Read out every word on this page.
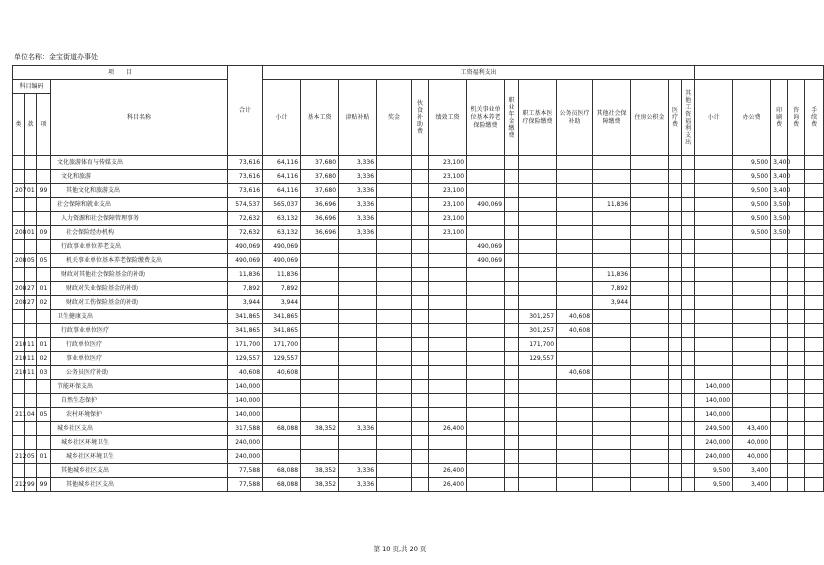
单位名称：金宝街道办事处
项　　目				合计	工资福利支出																		
科目编码			科目名称		小计	基本工资	津贴补贴	奖金	伙食补助费	绩效工资	机关事业单位基本养老保险缴费	职业年金缴费	职工基本医疗保险缴费	公务员医疗补助	其他社会保障缴费	住房公积金	医疗费	其他工资福利支出	小计	办公费	印刷费	咨询费	手续费

类	款	项																					
			文化旅游体育与传媒支出	73,616	64,116	37,680	3,336			23,100										9,500	3,400		
			文化和旅游	73,616	64,116	37,680	3,336			23,100										9,500	3,400		
207	01	99	其他文化和旅游支出	73,616	64,116	37,680	3,336			23,100										9,500	3,400		
			社会保障和就业支出	574,537	565,037	36,696	3,336			23,100	490,069				11,836					9,500	3,500		
			人力资源和社会保障管理事务	72,632	63,132	36,696	3,336			23,100										9,500	3,500		
208	01	09	社会保险经办机构	72,632	63,132	36,696	3,336			23,100										9,500	3,500		
			行政事业单位养老支出	490,069	490,069						490,069												
208	05	05	机关事业单位基本养老保险缴费支出	490,069	490,069						490,069												
			财政对其他社会保险基金的补助	11,836	11,836										11,836								
208	27	01	财政对失业保险基金的补助	7,892	7,892										7,892								
208	27	02	财政对工伤保险基金的补助	3,944	3,944										3,944								
			卫生健康支出	341,865	341,865								301,257	40,608									
			行政事业单位医疗	341,865	341,865								301,257	40,608									
210	11	01	行政单位医疗	171,700	171,700								171,700										
210	11	02	事业单位医疗	129,557	129,557								129,557										
210	11	03	公务员医疗补助	40,608	40,608									40,608									
			节能环保支出	140,000															140,000				
			自然生态保护	140,000															140,000				
211	04	05	农村环境保护	140,000															140,000				
			城乡社区支出	317,588	68,088	38,352	3,336			26,400									249,500	43,400			
			城乡社区环境卫生	240,000															240,000	40,000			
212	05	01	城乡社区环境卫生	240,000															240,000	40,000			
			其他城乡社区支出	77,588	68,088	38,352	3,336			26,400									9,500	3,400			
212	99	99	其他城乡社区支出	77,588	68,088	38,352	3,336			26,400									9,500	3,400			
第 10 页,共 20 页
